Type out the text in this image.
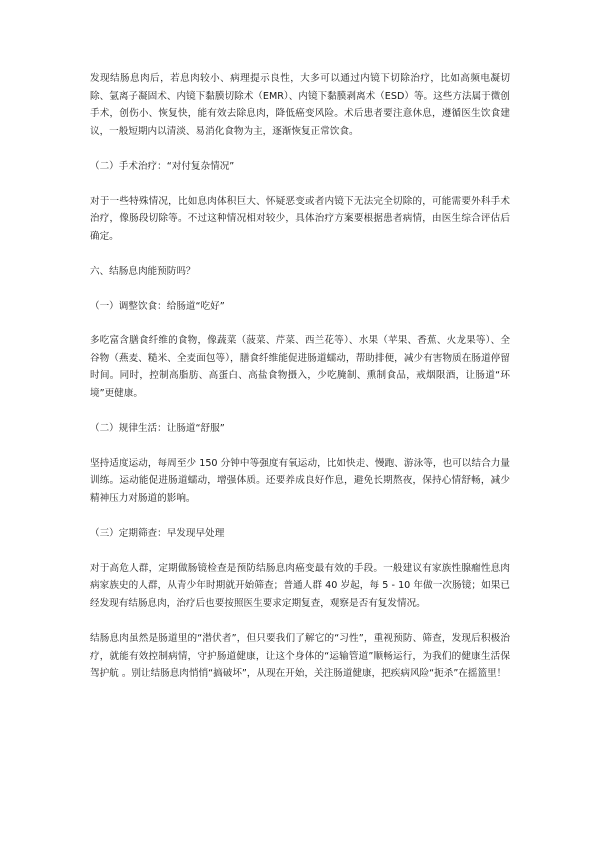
发现结肠息肉后，若息肉较小、病理提示良性，大多可以通过内镜下切除治疗，比如高频电凝切除、氩离子凝固术、内镜下黏膜切除术（EMR）、内镜下黏膜剥离术（ESD）等。这些方法属于微创手术，创伤小、恢复快，能有效去除息肉，降低癌变风险。术后患者要注意休息，遵循医生饮食建议，一般短期内以清淡、易消化食物为主，逐渐恢复正常饮食。

（二）手术治疗：“对付复杂情况”

对于一些特殊情况，比如息肉体积巨大、怀疑恶变或者内镜下无法完全切除的，可能需要外科手术治疗，像肠段切除等。不过这种情况相对较少，具体治疗方案要根据患者病情，由医生综合评估后确定。

六、结肠息肉能预防吗？

（一）调整饮食：给肠道“吃好”

多吃富含膳食纤维的食物，像蔬菜（菠菜、芹菜、西兰花等）、水果（苹果、香蕉、火龙果等）、全谷物（燕麦、糙米、全麦面包等），膳食纤维能促进肠道蠕动，帮助排便，减少有害物质在肠道停留时间。同时，控制高脂肪、高蛋白、高盐食物摄入，少吃腌制、熏制食品，戒烟限酒，让肠道“环境”更健康。

（二）规律生活：让肠道“舒服”

坚持适度运动，每周至少 150 分钟中等强度有氧运动，比如快走、慢跑、游泳等，也可以结合力量训练。运动能促进肠道蠕动，增强体质。还要养成良好作息，避免长期熬夜，保持心情舒畅，减少精神压力对肠道的影响。

（三）定期筛查：早发现早处理

对于高危人群，定期做肠镜检查是预防结肠息肉癌变最有效的手段。一般建议有家族性腺瘤性息肉病家族史的人群，从青少年时期就开始筛查；普通人群 40 岁起，每 5 - 10 年做一次肠镜；如果已经发现有结肠息肉，治疗后也要按照医生要求定期复查，观察是否有复发情况。

结肠息肉虽然是肠道里的“潜伏者”，但只要我们了解它的“习性”，重视预防、筛查，发现后积极治疗，就能有效控制病情，守护肠道健康，让这个身体的“运输管道”顺畅运行，为我们的健康生活保驾护航 。别让结肠息肉悄悄“搞破坏”，从现在开始，关注肠道健康，把疾病风险“扼杀”在摇篮里！
